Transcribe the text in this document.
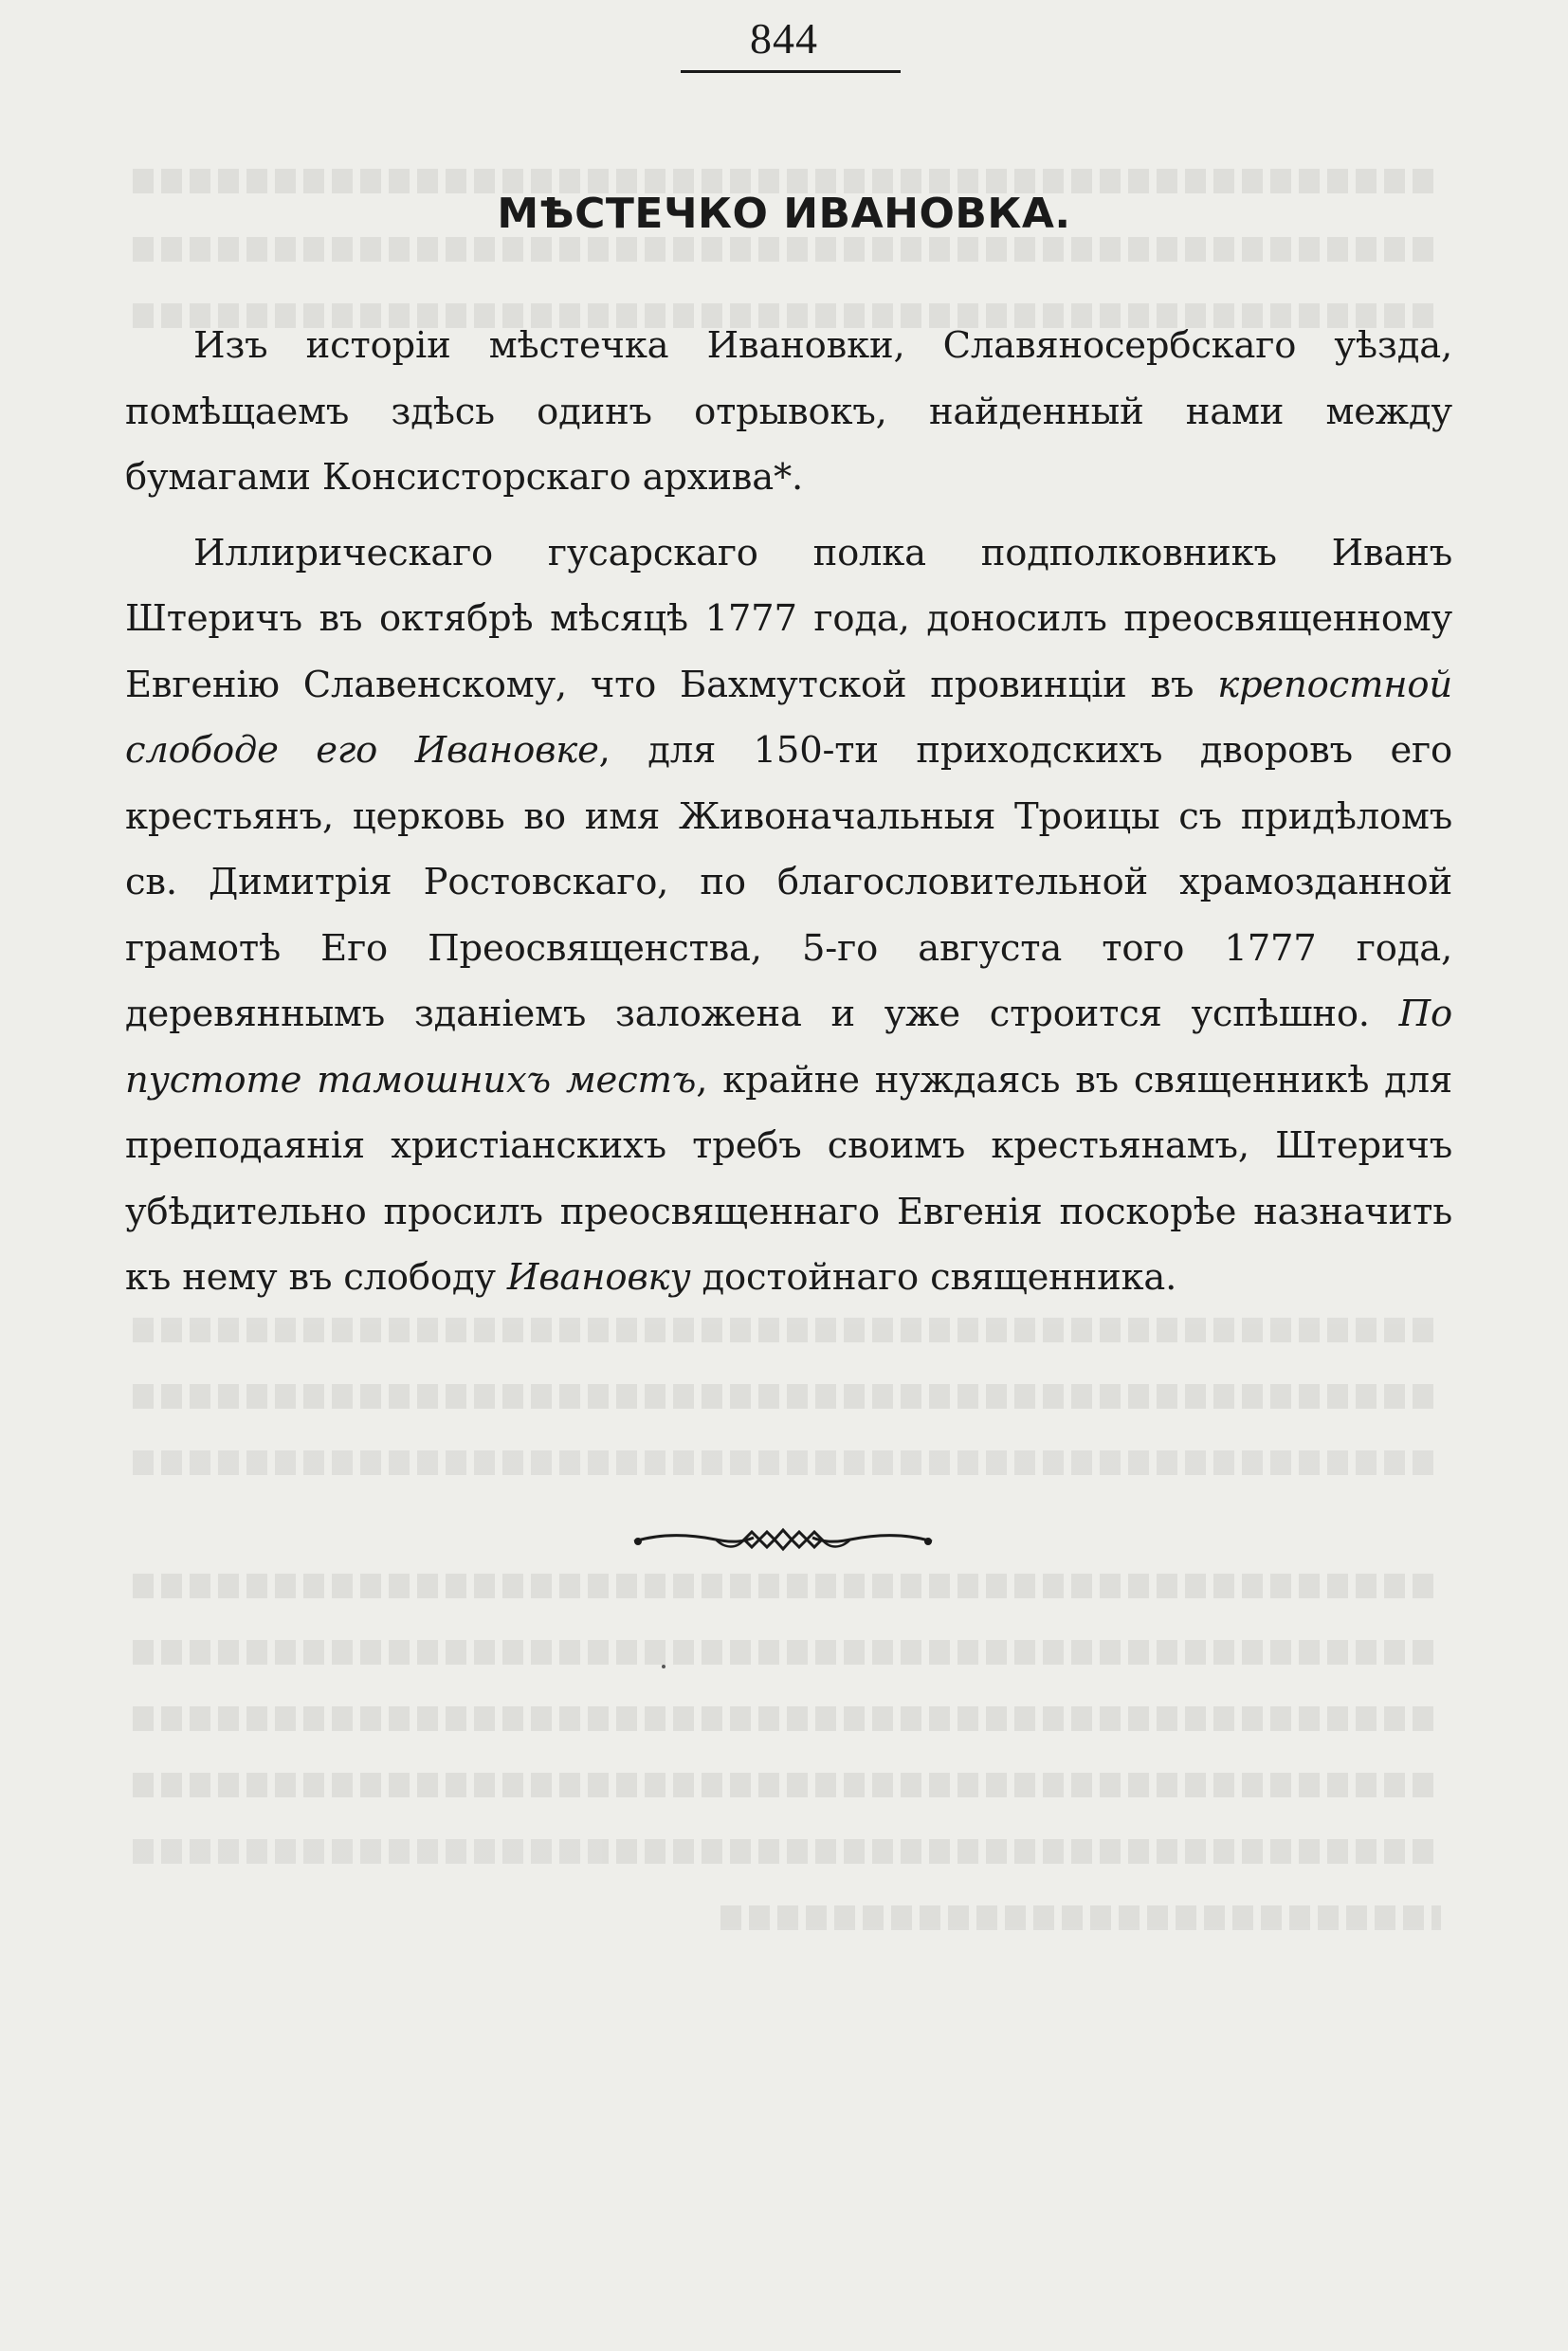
844
МѢСТЕЧКО ИВАНОВКА.

Изъ исторіи мѣстечка Ивановки, Славяносербскаго уѣзда, помѣщаемъ здѣсь одинъ отрывокъ, найденный нами между бумагами Консисторскаго архива*.

Иллирическаго гусарскаго полка подполковникъ Иванъ Штеричъ въ октябрѣ мѣсяцѣ 1777 года, доносилъ преосвященному Евгенію Славенскому, что Бахмутской провинціи въ крепостной слободе его Ивановке, для 150-ти приходскихъ дворовъ его крестьянъ, церковь во имя Живоначальныя Троицы съ придѣломъ св. Димитрія Ростовскаго, по благословительной храмозданной грамотѣ Его Преосвященства, 5-го августа того 1777 года, деревяннымъ зданіемъ заложена и уже строится успѣшно. По пустоте тамошнихъ местъ, крайне нуждаясь въ священникѣ для преподаянія христіанскихъ требъ своимъ крестьянамъ, Штеричъ убѣдительно просилъ преосвященнаго Евгенія поскорѣе назначить къ нему въ слободу Ивановку достойнаго священника.
